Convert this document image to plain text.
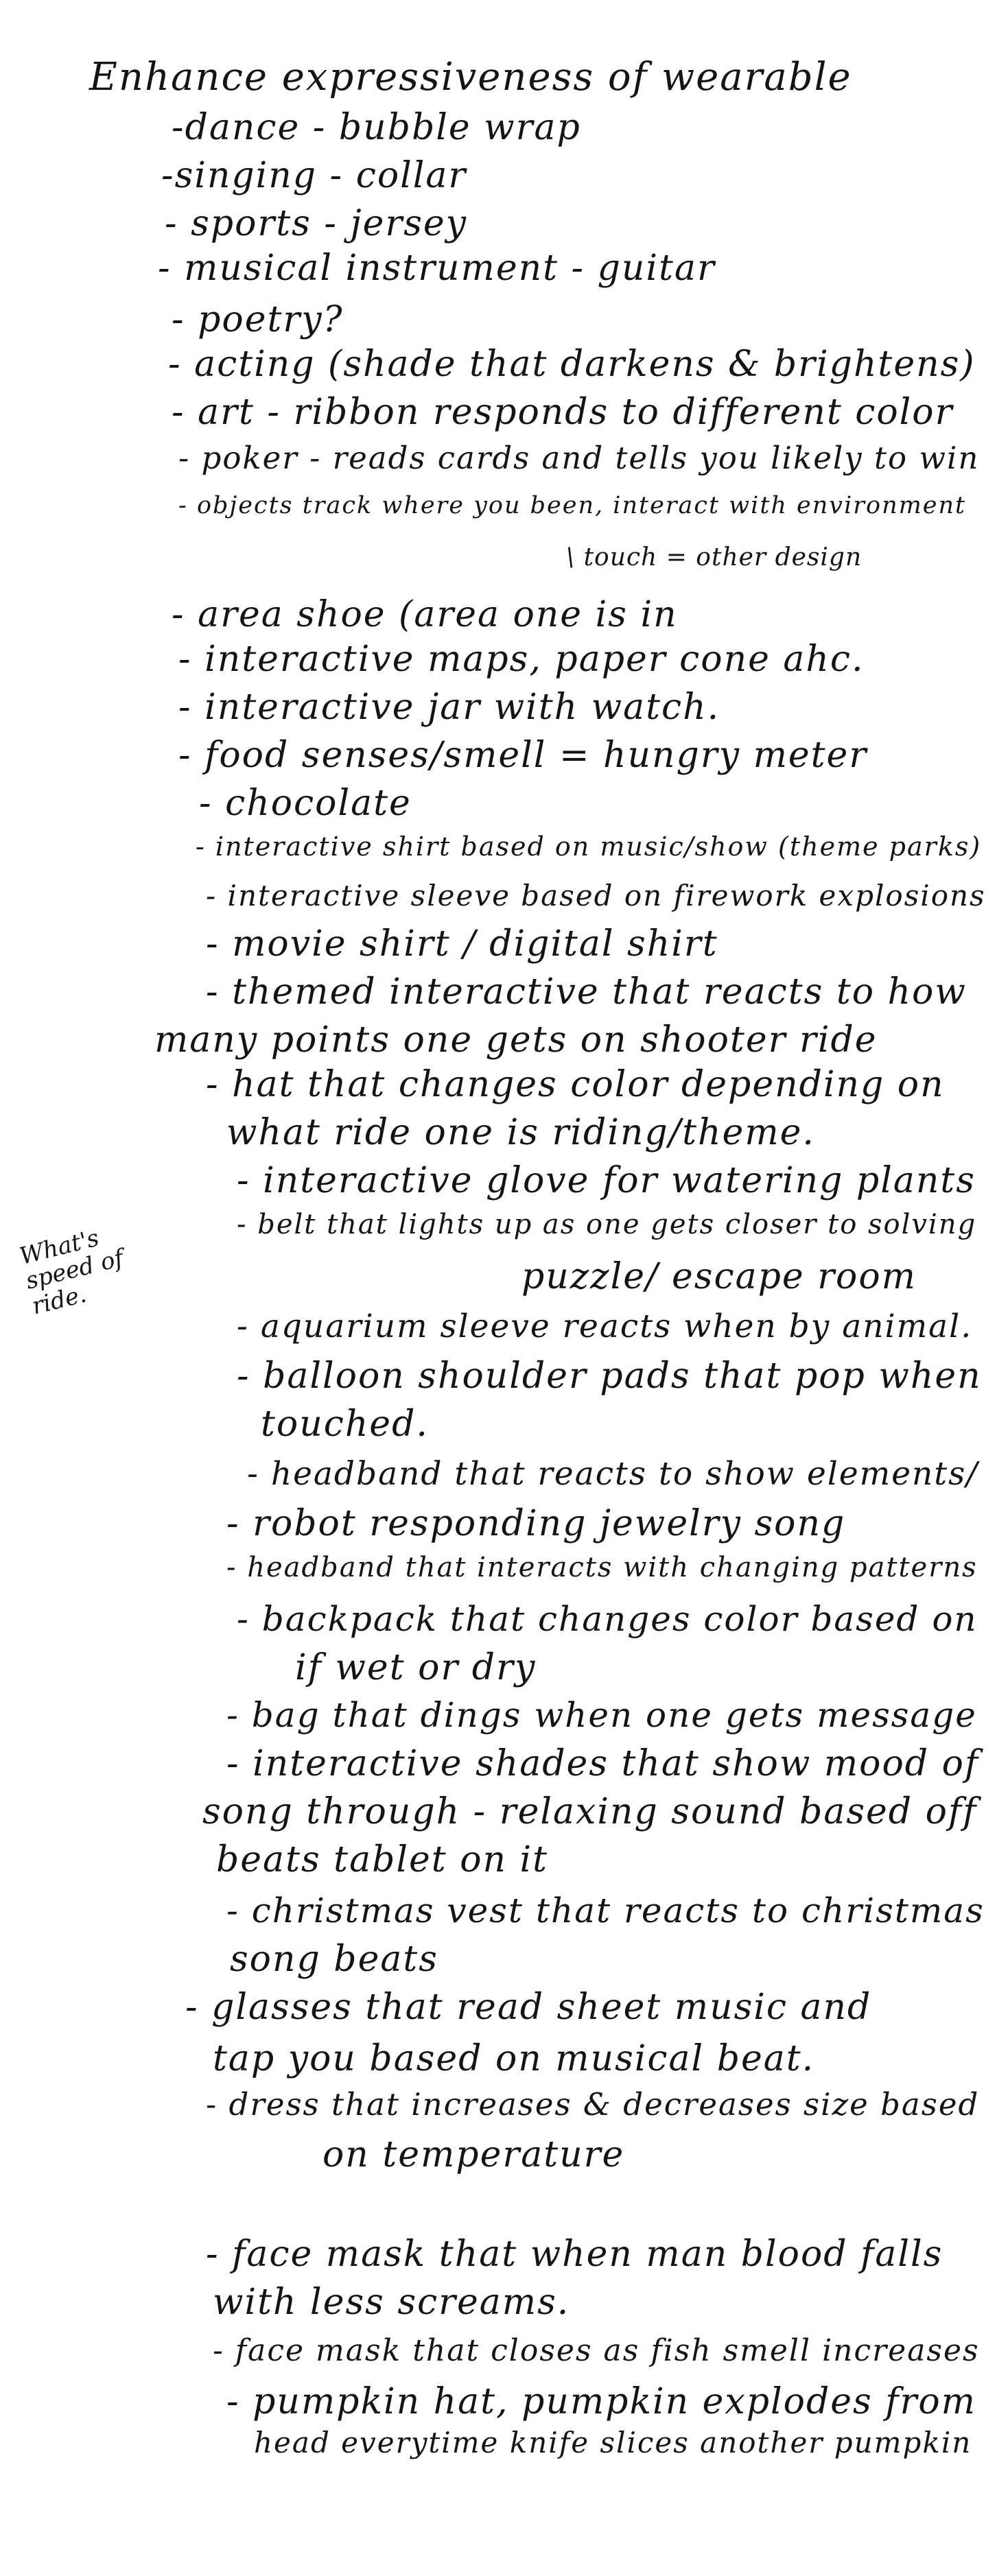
Enhance expressiveness of wearable
-dance - bubble wrap
-singing - collar
- sports - jersey
- musical instrument - guitar
- poetry?
- acting (shade that darkens & brightens)
- art - ribbon responds to different color
- poker - reads cards and tells you likely to win
- objects track where you been, interact with environment
\ touch = other design
- area shoe (area one is in
- interactive maps, paper cone ahc.
- interactive jar with watch.
- food senses/smell = hungry meter
- chocolate
- interactive shirt based on music/show (theme parks)
- interactive sleeve based on firework explosions
- movie shirt / digital shirt
- themed interactive that reacts to how
many points one gets on shooter ride
- hat that changes color depending on
what ride one is riding/theme.
- interactive glove for watering plants
- belt that lights up as one gets closer to solving
puzzle/ escape room
- aquarium sleeve reacts when by animal.
- balloon shoulder pads that pop when
touched.
- headband that reacts to show elements/
- robot responding jewelry song
- headband that interacts with changing patterns
- backpack that changes color based on
if wet or dry
- bag that dings when one gets message
- interactive shades that show mood of
song through - relaxing sound based off
beats tablet on it
- christmas vest that reacts to christmas
song beats
- glasses that read sheet music and
tap you based on musical beat.
- dress that increases & decreases size based
on temperature
- face mask that when man blood falls
with less screams.
- face mask that closes as fish smell increases
- pumpkin hat, pumpkin explodes from
head everytime knife slices another pumpkin
What's
speed of
ride.
